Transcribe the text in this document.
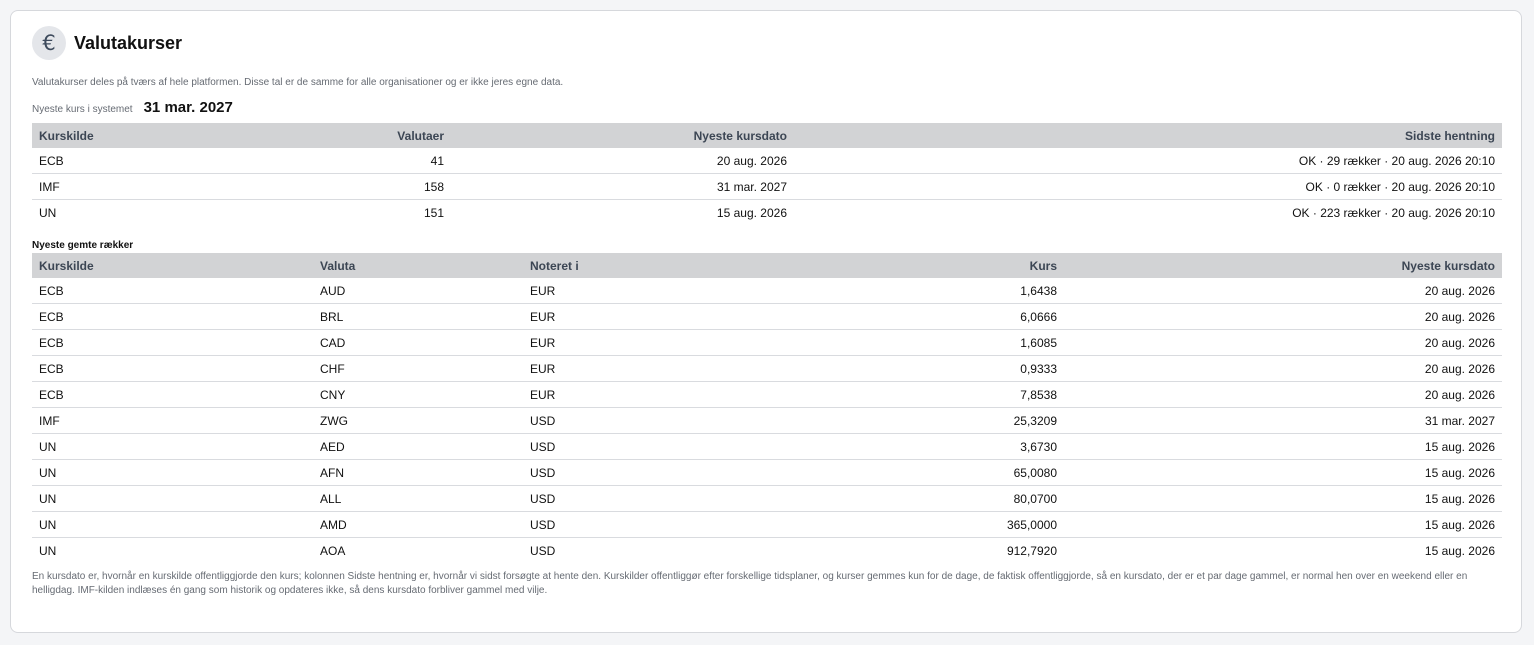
€	Valutakurser
Valutakurser deles på tværs af hele platformen. Disse tal er de samme for alle organisationer og er ikke jeres egne data.
Nyeste kurs i systemet 31 mar. 2027
Kurskilde	Valutaer	Nyeste kursdato	Sidste hentning
ECB	41	20 aug. 2026	OK · 29 rækker · 20 aug. 2026 20:10
IMF	158	31 mar. 2027	OK · 0 rækker · 20 aug. 2026 20:10
UN	151	15 aug. 2026	OK · 223 rækker · 20 aug. 2026 20:10
Nyeste gemte rækker
Kurskilde	Valuta	Noteret i	Kurs	Nyeste kursdato
ECB	AUD	EUR	1,6438	20 aug. 2026
ECB	BRL	EUR	6,0666	20 aug. 2026
ECB	CAD	EUR	1,6085	20 aug. 2026
ECB	CHF	EUR	0,9333	20 aug. 2026
ECB	CNY	EUR	7,8538	20 aug. 2026
IMF	ZWG	USD	25,3209	31 mar. 2027
UN	AED	USD	3,6730	15 aug. 2026
UN	AFN	USD	65,0080	15 aug. 2026
UN	ALL	USD	80,0700	15 aug. 2026
UN	AMD	USD	365,0000	15 aug. 2026
UN	AOA	USD	912,7920	15 aug. 2026
En kursdato er, hvornår en kurskilde offentliggjorde den kurs; kolonnen Sidste hentning er, hvornår vi sidst forsøgte at hente den. Kurskilder offentliggør efter forskellige tidsplaner, og kurser gemmes kun for de dage, de faktisk offentliggjorde, så en kursdato, der er et par dage gammel, er normal hen over en weekend eller en helligdag. IMF-kilden indlæses én gang som historik og opdateres ikke, så dens kursdato forbliver gammel med vilje.
